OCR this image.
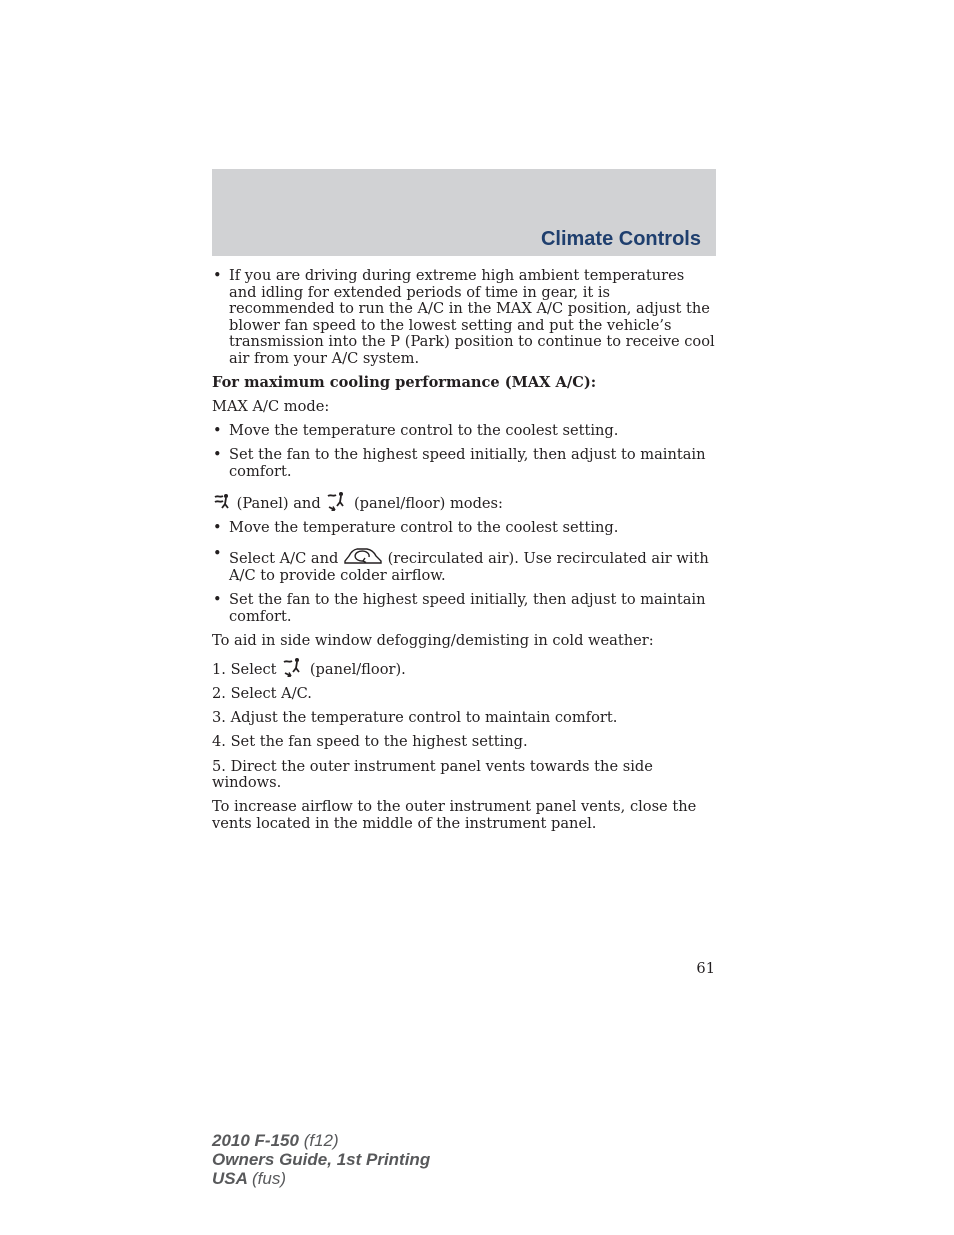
Climate Controls
• If you are driving during extreme high ambient temperatures and idling for extended periods of time in gear, it is recommended to run the A/C in the MAX A/C position, adjust the blower fan speed to the lowest setting and put the vehicle’s transmission into the P (Park) position to continue to receive cool air from your A/C system.

For maximum cooling performance (MAX A/C):

MAX A/C mode:

• Move the temperature control to the coolest setting.
• Set the fan to the highest speed initially, then adjust to maintain comfort.

(Panel) and (panel/floor) modes:

• Move the temperature control to the coolest setting.
• Select A/C and	(recirculated air). Use recirculated air with A/C to provide colder airflow.
• Set the fan to the highest speed initially, then adjust to maintain comfort.

To aid in side window defogging/demisting in cold weather:

1. Select (panel/floor).

2. Select A/C.

3. Adjust the temperature control to maintain comfort.

4. Set the fan speed to the highest setting.

5. Direct the outer instrument panel vents towards the side windows.

To increase airflow to the outer instrument panel vents, close the vents located in the middle of the instrument panel.

61
2010 F-150 (f12)
Owners Guide, 1st Printing
USA (fus)
